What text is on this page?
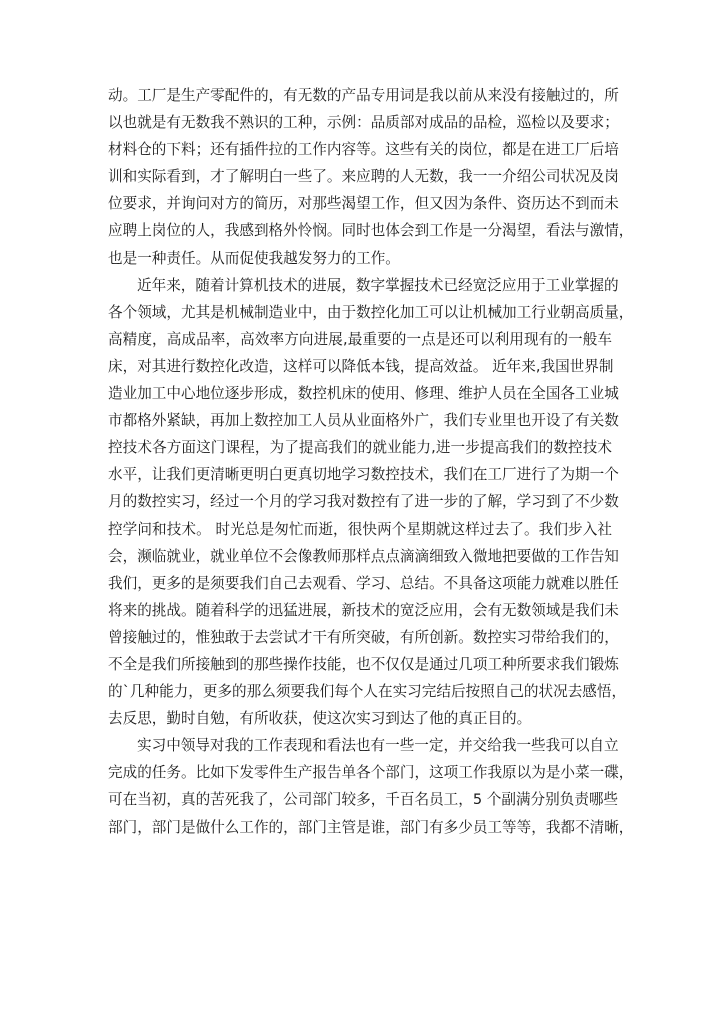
动。工厂是生产零配件的，有无数的产品专用词是我以前从来没有接触过的，所
以也就是有无数我不熟识的工种，示例：品质部对成品的品检，巡检以及要求；
材料仓的下料；还有插件拉的工作内容等。这些有关的岗位，都是在进工厂后培
训和实际看到，才了解明白一些了。来应聘的人无数，我一一介绍公司状况及岗
位要求，并询问对方的简历，对那些渴望工作，但又因为条件、资历达不到而未
应聘上岗位的人，我感到格外怜悯。同时也体会到工作是一分渴望，看法与激情，
也是一种责任。从而促使我越发努力的工作。
近年来，随着计算机技术的进展，数字掌握技术已经宽泛应用于工业掌握的
各个领域，尤其是机械制造业中，由于数控化加工可以让机械加工行业朝高质量，
高精度，高成品率，高效率方向进展,最重要的一点是还可以利用现有的一般车
床，对其进行数控化改造，这样可以降低本钱，提高效益。 近年来,我国世界制
造业加工中心地位逐步形成，数控机床的使用、修理、维护人员在全国各工业城
市都格外紧缺，再加上数控加工人员从业面格外广，我们专业里也开设了有关数
控技术各方面这门课程，为了提高我们的就业能力,进一步提高我们的数控技术
水平，让我们更清晰更明白更真切地学习数控技术，我们在工厂进行了为期一个
月的数控实习，经过一个月的学习我对数控有了进一步的了解，学习到了不少数
控学问和技术。 时光总是匆忙而逝，很快两个星期就这样过去了。我们步入社
会，濒临就业，就业单位不会像教师那样点点滴滴细致入微地把要做的工作告知
我们，更多的是须要我们自己去观看、学习、总结。不具备这项能力就难以胜任
将来的挑战。随着科学的迅猛进展，新技术的宽泛应用，会有无数领域是我们未
曾接触过的，惟独敢于去尝试才干有所突破，有所创新。数控实习带给我们的，
不全是我们所接触到的那些操作技能，也不仅仅是通过几项工种所要求我们锻炼
的`几种能力，更多的那么须要我们每个人在实习完结后按照自己的状况去感悟，
去反思，勤时自勉，有所收获，使这次实习到达了他的真正目的。
实习中领导对我的工作表现和看法也有一些一定，并交给我一些我可以自立
完成的任务。比如下发零件生产报告单各个部门，这项工作我原以为是小菜一碟，
可在当初，真的苦死我了，公司部门较多，千百名员工，5 个副满分别负责哪些
部门，部门是做什么工作的，部门主管是谁，部门有多少员工等等，我都不清晰，
